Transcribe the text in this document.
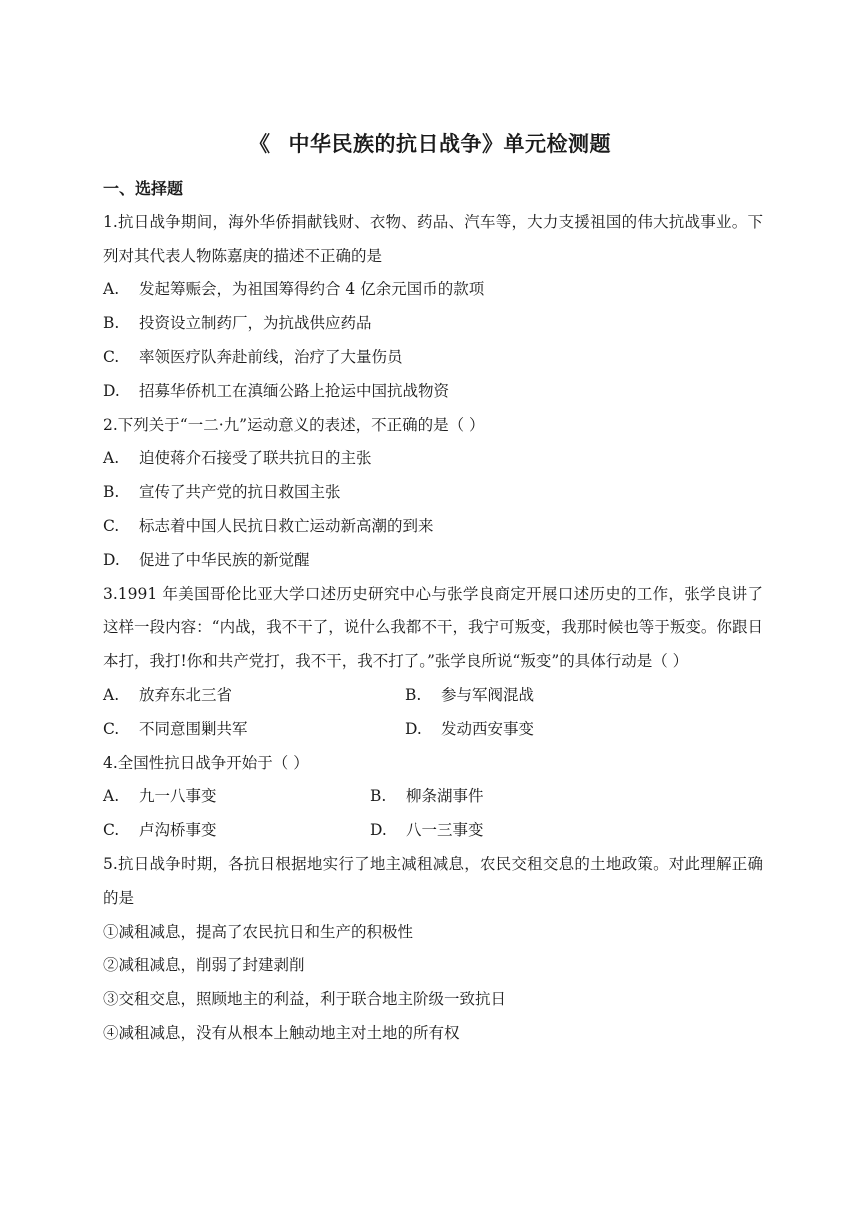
《 中华民族的抗日战争》单元检测题
一、选择题
1.抗日战争期间，海外华侨捐献钱财、衣物、药品、汽车等，大力支援祖国的伟大抗战事业。下列对其代表人物陈嘉庚的描述不正确的是
A. 发起筹赈会，为祖国筹得约合 4 亿余元国币的款项
B. 投资设立制药厂，为抗战供应药品
C. 率领医疗队奔赴前线，治疗了大量伤员
D. 招募华侨机工在滇缅公路上抢运中国抗战物资
2.下列关于“一二·九”运动意义的表述，不正确的是（ ）
A. 迫使蒋介石接受了联共抗日的主张
B. 宣传了共产党的抗日救国主张
C. 标志着中国人民抗日救亡运动新高潮的到来
D. 促进了中华民族的新觉醒
3.1991 年美国哥伦比亚大学口述历史研究中心与张学良商定开展口述历史的工作，张学良讲了这样一段内容：“内战，我不干了，说什么我都不干，我宁可叛变，我那时候也等于叛变。你跟日本打，我打!你和共产党打，我不干，我不打了。”张学良所说“叛变”的具体行动是（ ）
A. 放弃东北三省	B. 参与军阀混战
C. 不同意围剿共军	D. 发动西安事变
4.全国性抗日战争开始于（ ）
A. 九一八事变	B. 柳条湖事件
C. 卢沟桥事变	D. 八一三事变
5.抗日战争时期，各抗日根据地实行了地主减租减息，农民交租交息的土地政策。对此理解正确的是
①减租减息，提高了农民抗日和生产的积极性
②减租减息，削弱了封建剥削
③交租交息，照顾地主的利益，利于联合地主阶级一致抗日
④减租减息，没有从根本上触动地主对土地的所有权
